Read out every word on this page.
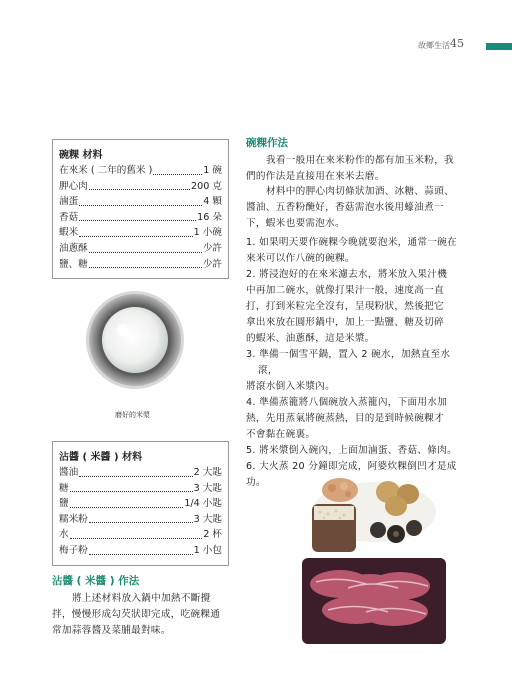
故鄉生活 45
碗粿 材料
在來米 ( 二年的舊米 )	1 碗
胛心肉	200 克
滷蛋	4 顆
香菇	16 朵
蝦米	1 小碗
油蔥酥	少許
鹽、糖	少許
磨好的米漿
沾醬 ( 米醬 ) 材料
醬油	2 大匙
糖	3 大匙
鹽	1/4 小匙
糯米粉	3 大匙
水	2 杯
梅子粉	1 小包
沾醬 ( 米醬 ) 作法
將上述材料放入鍋中加熱不斷攪
拌，慢慢形成勾芡狀即完成，吃碗粿通
常加蒜蓉醬及菜脯最對味。
碗粿作法
我看一般用在來米粉作的都有加玉米粉，我
們的作法是直接用在來米去磨。
材料中的胛心肉切條狀加酒、冰糖、蒜頭、
醬油、五香粉醃好，香菇需泡水後用蠔油煮一
下，蝦米也要需泡水。
1. 如果明天要作碗粿今晚就要泡米，通常一碗在
來米可以作八碗的碗粿。
2. 將浸泡好的在來米濾去水，將米放入果汁機
中再加二碗水，就像打果汁一般，速度高一直
打，打到米粒完全沒有，呈現粉狀，然後把它
拿出來放在圓形鍋中，加上一點鹽、糖及切碎
的蝦米、油蔥酥，這是米漿。
3. 準備一個雪平鍋，置入 2 碗水，加熱直至水滾，
將滾水倒入米漿內。
4. 準備蒸籠將八個碗放入蒸籠內，下面用水加
熱，先用蒸氣將碗蒸熱，目的是到時候碗粿才
不會黏在碗裏。
5. 將米漿倒入碗內，上面加滷蛋、香菇、條肉。
6. 大火蒸 20 分鐘即完成，阿婆炊粿倒凹才是成
功。
